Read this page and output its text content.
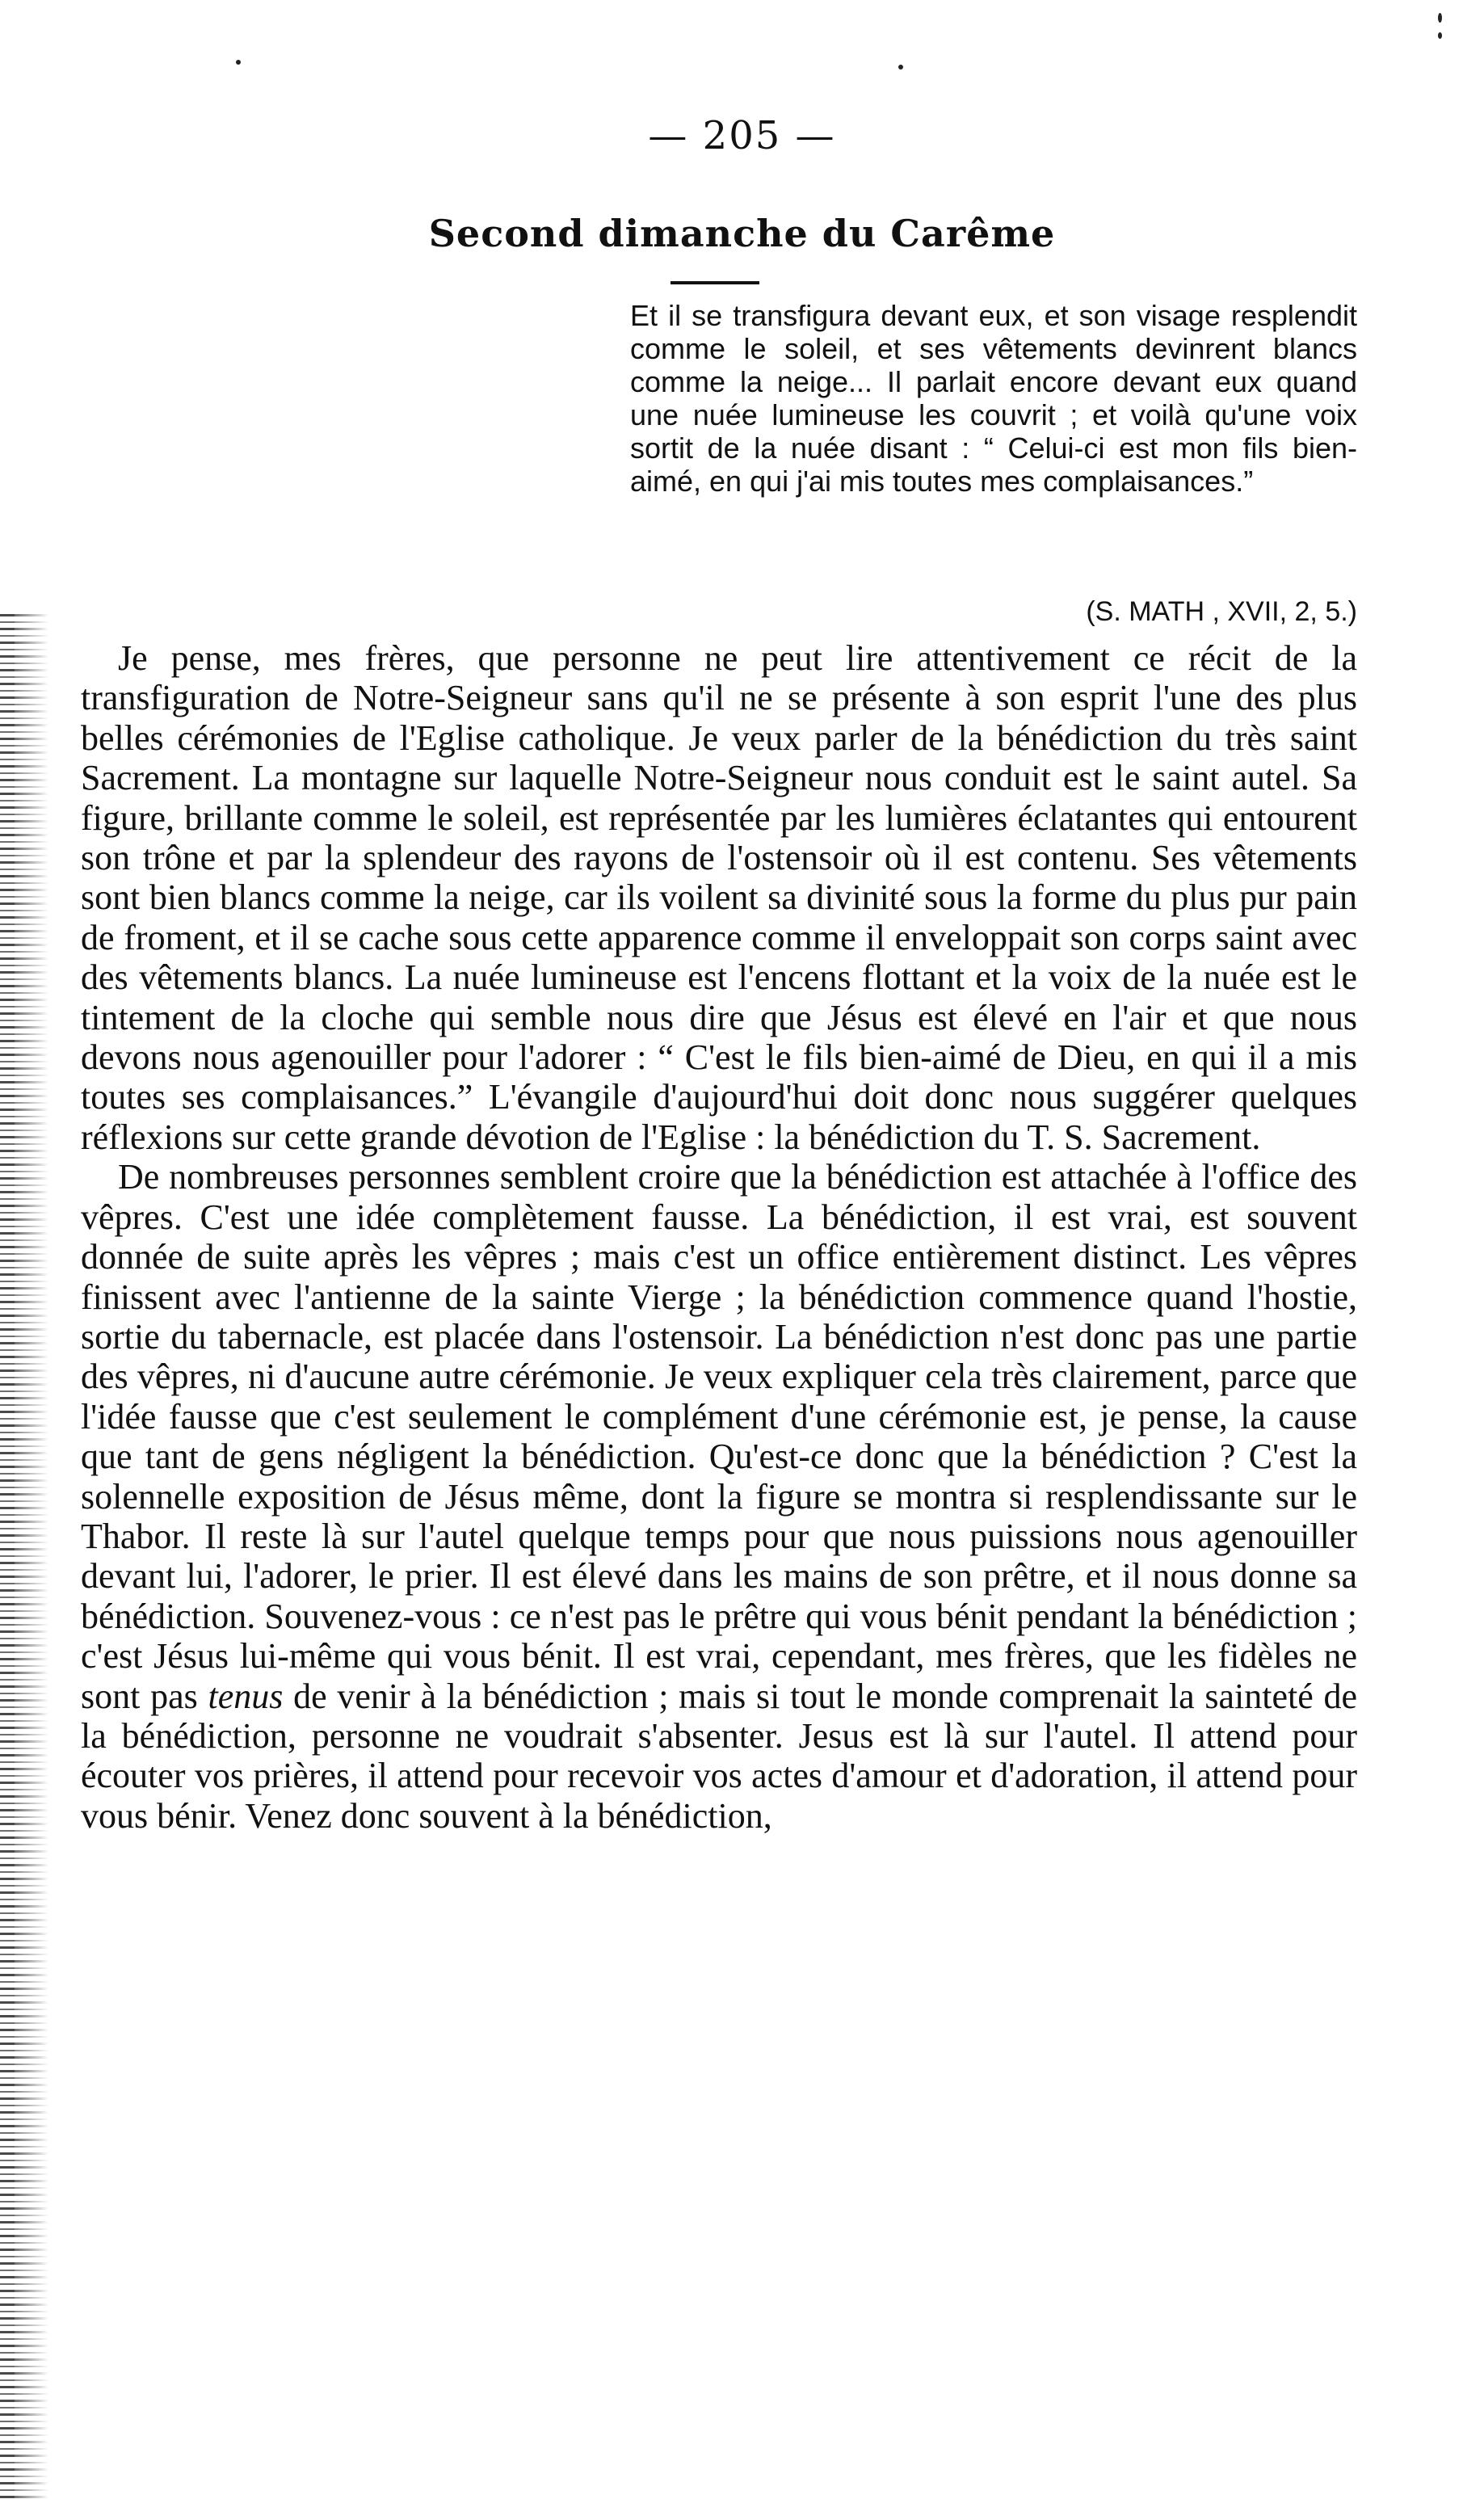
— 205 —
Second dimanche du Carême
Et il se transfigura devant eux, et son visage resplendit comme le soleil, et ses vêtements devinrent blancs comme la neige... Il parlait encore devant eux quand une nuée lumineuse les couvrit ; et voilà qu'une voix sortit de la nuée disant : “ Celui-ci est mon fils bien-aimé, en qui j'ai mis toutes mes complaisances.”
(S. MATH , XVII, 2, 5.)

Je pense, mes frères, que personne ne peut lire attentivement ce récit de la transfiguration de Notre-Seigneur sans qu'il ne se présente à son esprit l'une des plus belles cérémonies de l'Eglise catholique. Je veux parler de la bénédiction du très saint Sacrement. La montagne sur laquelle Notre-Seigneur nous conduit est le saint autel. Sa figure, brillante comme le soleil, est représentée par les lumières éclatantes qui entourent son trône et par la splendeur des rayons de l'ostensoir où il est contenu. Ses vêtements sont bien blancs comme la neige, car ils voilent sa divinité sous la forme du plus pur pain de froment, et il se cache sous cette apparence comme il enveloppait son corps saint avec des vêtements blancs. La nuée lumineuse est l'encens flottant et la voix de la nuée est le tintement de la cloche qui semble nous dire que Jésus est élevé en l'air et que nous devons nous agenouiller pour l'adorer : “ C'est le fils bien-aimé de Dieu, en qui il a mis toutes ses complaisances.” L'évangile d'aujourd'hui doit donc nous suggérer quelques réflexions sur cette grande dévotion de l'Eglise : la bénédiction du T. S. Sacrement.

De nombreuses personnes semblent croire que la bénédiction est attachée à l'office des vêpres. C'est une idée complètement fausse. La bénédiction, il est vrai, est souvent donnée de suite après les vêpres ; mais c'est un office entièrement distinct. Les vêpres finissent avec l'antienne de la sainte Vierge ; la bénédiction commence quand l'hostie, sortie du tabernacle, est placée dans l'ostensoir. La bénédiction n'est donc pas une partie des vêpres, ni d'aucune autre cérémonie. Je veux expliquer cela très clairement, parce que l'idée fausse que c'est seulement le complément d'une cérémonie est, je pense, la cause que tant de gens négligent la bénédiction. Qu'est-ce donc que la bénédiction ? C'est la solennelle exposition de Jésus même, dont la figure se montra si resplendissante sur le Thabor. Il reste là sur l'autel quelque temps pour que nous puissions nous agenouiller devant lui, l'adorer, le prier. Il est élevé dans les mains de son prêtre, et il nous donne sa bénédiction. Souvenez-vous : ce n'est pas le prêtre qui vous bénit pendant la bénédiction ; c'est Jésus lui-même qui vous bénit. Il est vrai, cependant, mes frères, que les fidèles ne sont pas tenus de venir à la bénédiction ; mais si tout le monde comprenait la sainteté de la bénédiction, personne ne voudrait s'absenter. Jesus est là sur l'autel. Il attend pour écouter vos prières, il attend pour recevoir vos actes d'amour et d'adoration, il attend pour vous bénir. Venez donc souvent à la bénédiction,
